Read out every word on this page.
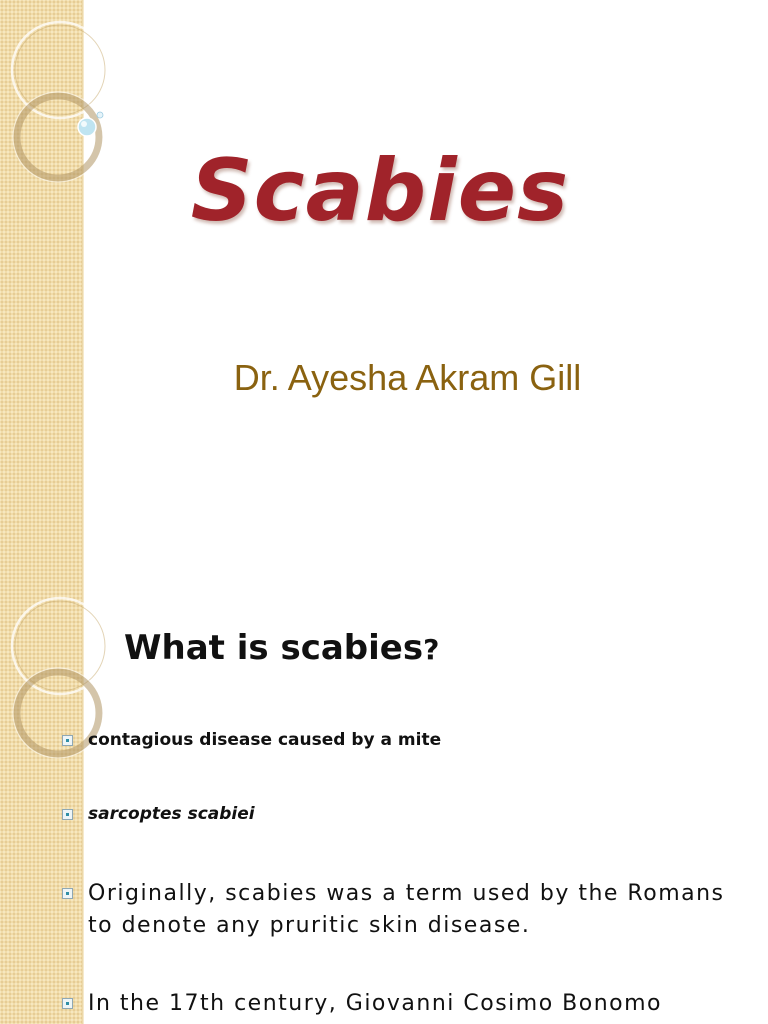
Scabies
Dr. Ayesha Akram Gill
What is scabies?
contagious disease caused by a mite
sarcoptes scabiei
Originally, scabies was a term used by the Romans to denote any pruritic skin disease.
In the 17th century, Giovanni Cosimo Bonomo
